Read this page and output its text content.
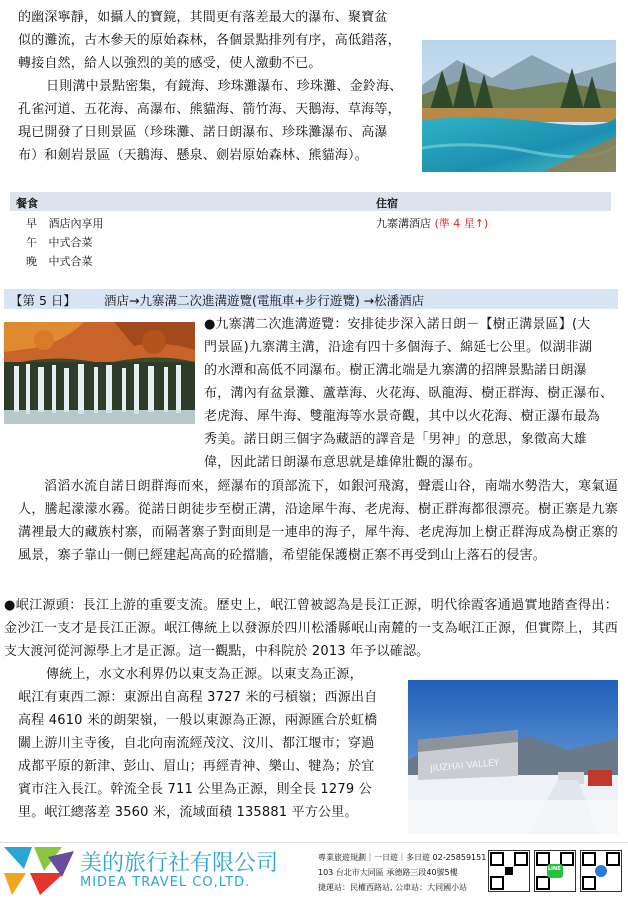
的幽深寧靜，如攝人的寶鏡，其間更有落差最大的瀑布、聚寶盆
似的灘流，古木參天的原始森林，各個景點排列有序，高低錯落，
轉接自然，給人以強烈的美的感受，使人激動不已。
日則溝中景點密集，有鏡海、珍珠灘瀑布、珍珠灘、金鈴海、
孔雀河道、五花海、高瀑布、熊貓海、箭竹海、天鵝海、草海等，
現已開發了日則景區（珍珠灘、諾日朗瀑布、珍珠灘瀑布、高瀑
布）和劍岩景區（天鵝海、懸泉、劍岩原始森林、熊貓海）。
餐食	住宿
早 酒店內享用
午 中式合菜
晚 中式合菜
九寨溝酒店 (準 4 星↑)
【第 5 日】 酒店→九寨溝二次進溝遊覽(電瓶車+步行遊覽) →松潘酒店
●九寨溝二次進溝遊覽：安排徒步深入諾日朗－【樹正溝景區】(大
門景區)九寨溝主溝，沿途有四十多個海子、綿延七公里。似湖非湖
的水潭和高低不同瀑布。樹正溝北端是九寨溝的招牌景點諾日朗瀑
布，溝內有盆景灘、蘆葦海、火花海、臥龍海、樹正群海、樹正瀑布、
老虎海、犀牛海、雙龍海等水景奇觀，其中以火花海、樹正瀑布最為
秀美。諾日朗三個字為藏語的譯音是「男神」的意思，象徵高大雄
偉，因此諾日朗瀑布意思就是雄偉壯觀的瀑布。
滔滔水流自諾日朗群海而來，經瀑布的頂部流下，如銀河飛瀉，聲震山谷，南端水勢浩大，寒氣逼人，騰起濛濛水霧。從諾日朗徒步至樹正溝，沿途犀牛海、老虎海、樹正群海都很漂亮。樹正寨是九寨溝裡最大的藏族村寨，而隔著寨子對面則是一連串的海子，犀牛海、老虎海加上樹正群海成為樹正寨的風景，寨子靠山一側已經建起高高的砼擋牆，希望能保護樹正寨不再受到山上落石的侵害。
●岷江源頭：長江上游的重要支流。歷史上，岷江曾被認為是長江正源，明代徐霞客通過實地踏查得出：金沙江一支才是長江正源。岷江傳統上以發源於四川松潘縣岷山南麓的一支為岷江正源，但實際上，其西支大渡河從河源學上才是正源。這一觀點，中科院於 2013 年予以確認。
傳統上，水文水利界仍以東支為正源。以東支為正源，
岷江有東西二源：東源出自高程 3727 米的弓槓嶺；西源出自
高程 4610 米的朗架嶺，一般以東源為正源，兩源匯合於虹橋
關上游川主寺後，自北向南流經茂汶、汶川、都江堰市；穿過
成都平原的新津、彭山、眉山；再經青神、樂山、犍為；於宜
賓市注入長江。幹流全長 711 公里為正源，則全長 1279 公
里。岷江總落差 3560 米，流域面積 135881 平方公里。
JIUZHAI VALLEY
美的旅行社有限公司
MIDEA TRAVEL CO,LTD.
專業旅遊規劃｜一日遊｜多日遊 02-25859151
103 台北市大同區 承德路三段40號5樓
捷運站：民權西路站, 公車站：大同國小站
LINE
